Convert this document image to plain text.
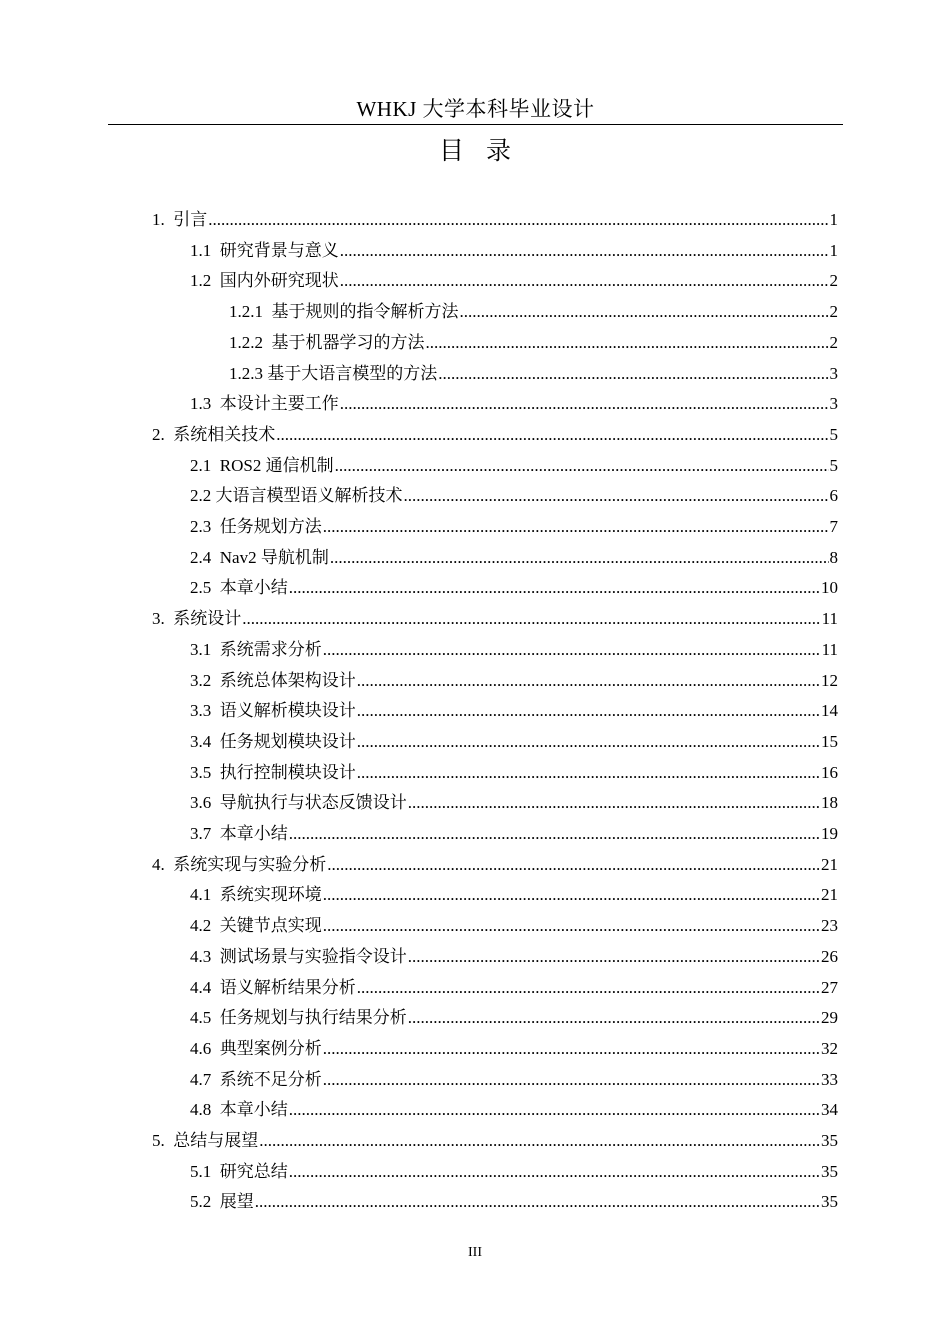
WHKJ 大学本科毕业设计
目录
1. 引言 .....	1
1.1 研究背景与意义 .....	1
1.2 国内外研究现状 .....	2
1.2.1 基于规则的指令解析方法 .....	2
1.2.2 基于机器学习的方法 .....	2
1.2.3 基于大语言模型的方法 .....	3
1.3 本设计主要工作 .....	3
2. 系统相关技术 .....	5
2.1 ROS2 通信机制 .....	5
2.2 大语言模型语义解析技术 .....	6
2.3 任务规划方法 .....	7
2.4 Nav2 导航机制 .....	8
2.5 本章小结 .....	10
3. 系统设计 .....	11
3.1 系统需求分析 .....	11
3.2 系统总体架构设计 .....	12
3.3 语义解析模块设计 .....	14
3.4 任务规划模块设计 .....	15
3.5 执行控制模块设计 .....	16
3.6 导航执行与状态反馈设计 .....	18
3.7 本章小结 .....	19
4. 系统实现与实验分析 .....	21
4.1 系统实现环境 .....	21
4.2 关键节点实现 .....	23
4.3 测试场景与实验指令设计 .....	26
4.4 语义解析结果分析 .....	27
4.5 任务规划与执行结果分析 .....	29
4.6 典型案例分析 .....	32
4.7 系统不足分析 .....	33
4.8 本章小结 .....	34
5. 总结与展望 .....	35
5.1 研究总结 .....	35
5.2 展望 .....	35
III
